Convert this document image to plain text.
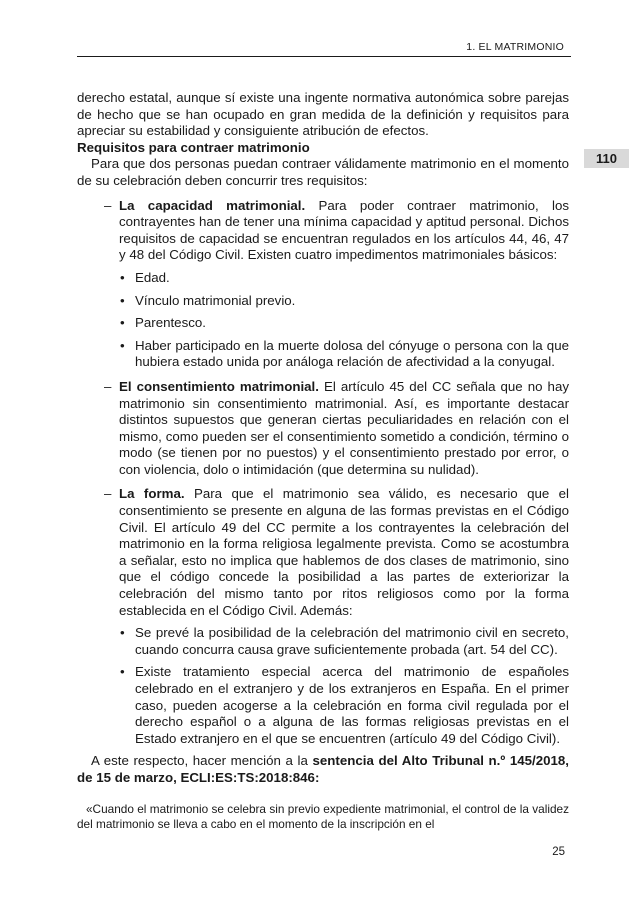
1. EL MATRIMONIO
110

derecho estatal, aunque sí existe una ingente normativa autonómica sobre parejas de hecho que se han ocupado en gran medida de la definición y requisitos para apreciar su estabilidad y consiguiente atribución de efectos.

Requisitos para contraer matrimonio

Para que dos personas puedan contraer válidamente matrimonio en el momento de su celebración deben concurrir tres requisitos:

– La capacidad matrimonial. Para poder contraer matrimonio, los contrayentes han de tener una mínima capacidad y aptitud personal. Dichos requisitos de capacidad se encuentran regulados en los artículos 44, 46, 47 y 48 del Código Civil. Existen cuatro impedimentos matrimoniales básicos:

• Edad.

• Vínculo matrimonial previo.

• Parentesco.

• Haber participado en la muerte dolosa del cónyuge o persona con la que hubiera estado unida por análoga relación de afectividad a la conyugal.

– El consentimiento matrimonial. El artículo 45 del CC señala que no hay matrimonio sin consentimiento matrimonial. Así, es importante destacar distintos supuestos que generan ciertas peculiaridades en relación con el mismo, como pueden ser el consentimiento sometido a condición, término o modo (se tienen por no puestos) y el consentimiento prestado por error, o con violencia, dolo o intimidación (que determina su nulidad).

– La forma. Para que el matrimonio sea válido, es necesario que el consentimiento se presente en alguna de las formas previstas en el Código Civil. El artículo 49 del CC permite a los contrayentes la celebración del matrimonio en la forma religiosa legalmente prevista. Como se acostumbra a señalar, esto no implica que hablemos de dos clases de matrimonio, sino que el código concede la posibilidad a las partes de exteriorizar la celebración del mismo tanto por ritos religiosos como por la forma establecida en el Código Civil. Además:

• Se prevé la posibilidad de la celebración del matrimonio civil en secreto, cuando concurra causa grave suficientemente probada (art. 54 del CC).

• Existe tratamiento especial acerca del matrimonio de españoles celebrado en el extranjero y de los extranjeros en España. En el primer caso, pueden acogerse a la celebración en forma civil regulada por el derecho español o a alguna de las formas religiosas previstas en el Estado extranjero en el que se encuentren (artículo 49 del Código Civil).

A este respecto, hacer mención a la sentencia del Alto Tribunal n.º 145/2018, de 15 de marzo, ECLI:ES:TS:2018:846:

«Cuando el matrimonio se celebra sin previo expediente matrimonial, el control de la validez del matrimonio se lleva a cabo en el momento de la inscripción en el

25
